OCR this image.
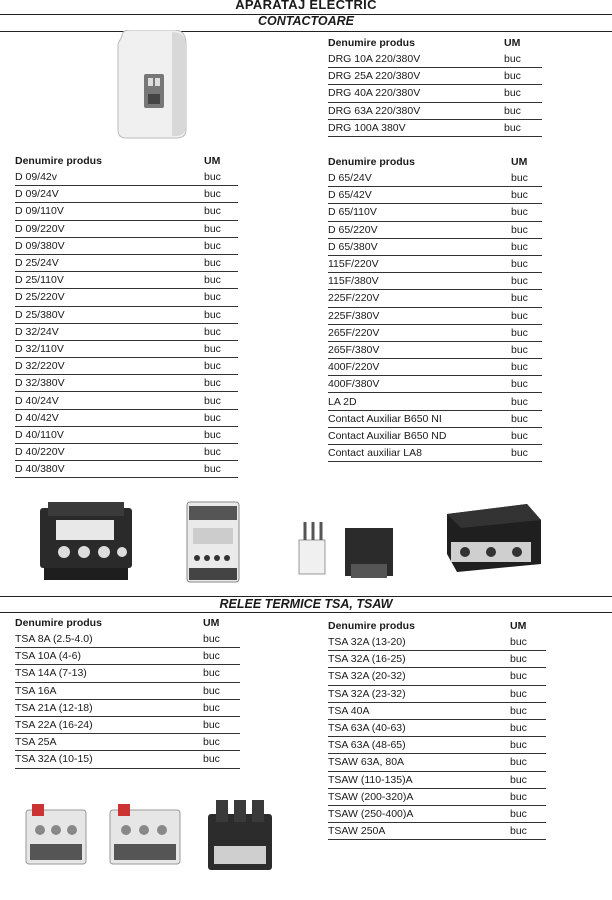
APARATAJ ELECTRIC
CONTACTOARE
Denumire produs	UM
DRG 10A 220/380V	buc
DRG 25A 220/380V	buc
DRG 40A 220/380V	buc
DRG 63A 220/380V	buc
DRG 100A 380V	buc
Denumire produs	UM
D 09/42v	buc
D 09/24V	buc
D 09/110V	buc
D 09/220V	buc
D 09/380V	buc
D 25/24V	buc
D 25/110V	buc
D 25/220V	buc
D 25/380V	buc
D 32/24V	buc
D 32/110V	buc
D 32/220V	buc
D 32/380V	buc
D 40/24V	buc
D 40/42V	buc
D 40/110V	buc
D 40/220V	buc
D 40/380V	buc
Denumire produs	UM
D 65/24V	buc
D 65/42V	buc
D 65/110V	buc
D 65/220V	buc
D 65/380V	buc
115F/220V	buc
115F/380V	buc
225F/220V	buc
225F/380V	buc
265F/220V	buc
265F/380V	buc
400F/220V	buc
400F/380V	buc
LA 2D	buc
Contact Auxiliar B650 NI	buc
Contact Auxiliar B650 ND	buc
Contact auxiliar LA8	buc
RELEE TERMICE TSA, TSAW
Denumire produs	UM
TSA 8A (2.5-4.0)	buc
TSA 10A (4-6)	buc
TSA 14A (7-13)	buc
TSA 16A	buc
TSA 21A (12-18)	buc
TSA 22A (16-24)	buc
TSA 25A	buc
TSA 32A (10-15)	buc
Denumire produs	UM
TSA 32A (13-20)	buc
TSA 32A (16-25)	buc
TSA 32A (20-32)	buc
TSA 32A (23-32)	buc
TSA 40A	buc
TSA 63A (40-63)	buc
TSA 63A (48-65)	buc
TSAW 63A, 80A	buc
TSAW (110-135)A	buc
TSAW (200-320)A	buc
TSAW (250-400)A	buc
TSAW 250A	buc
